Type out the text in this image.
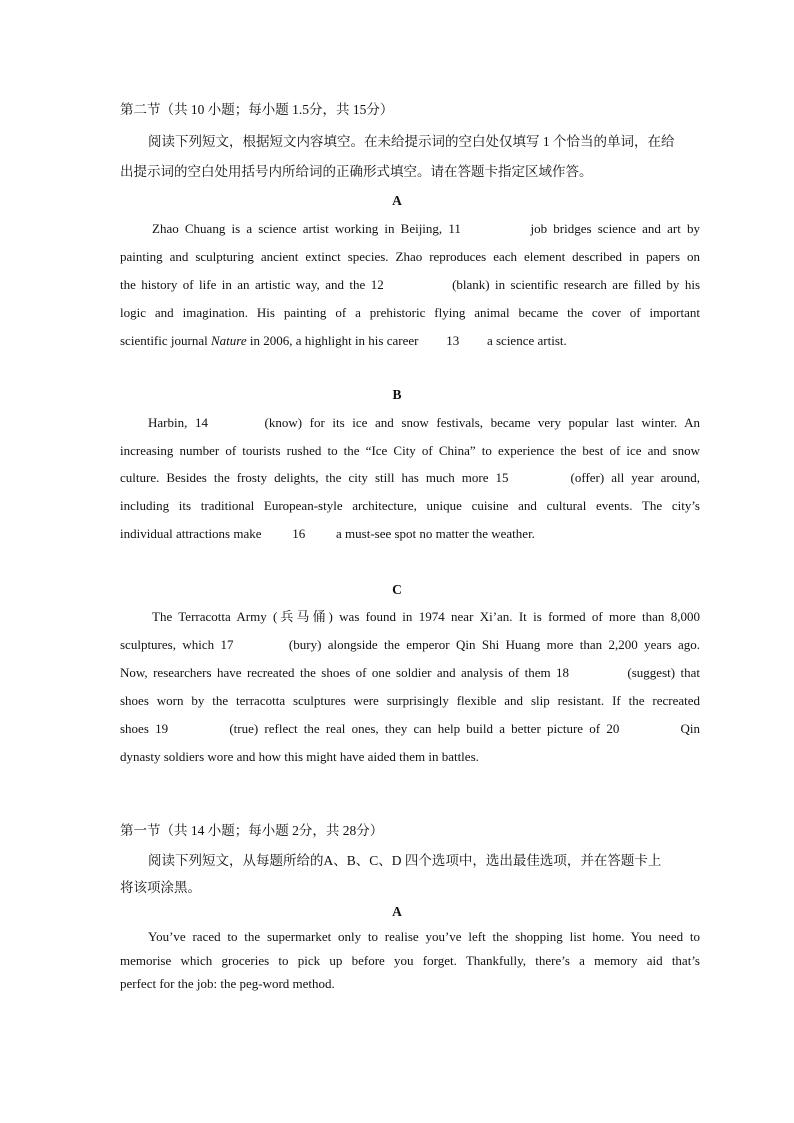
第二节（共 10 小题；每小题 1.5分，共 15分）
阅读下列短文，根据短文内容填空。在未给提示词的空白处仅填写 1 个恰当的单词，在给
出提示词的空白处用括号内所给词的正确形式填空。请在答题卡指定区域作答。
A
Zhao Chuang is a science artist working in Beijing, 11	job bridges science and art by
painting and sculpturing ancient extinct species. Zhao reproduces each element described in papers on
the history of life in an artistic way, and the 12	(blank) in scientific research are filled by his
logic and imagination. His painting of a prehistoric flying animal became the cover of important
scientific journal Nature in 2006, a highlight in his career 13 a science artist.
B
Harbin, 14	(know) for its ice and snow festivals, became very popular last winter. An
increasing number of tourists rushed to the “Ice City of China” to experience the best of ice and snow
culture. Besides the frosty delights, the city still has much more 15	(offer) all year around,
including its traditional European-style architecture, unique cuisine and cultural events. The city’s
individual attractions make 16 a must-see spot no matter the weather.
C
The Terracotta Army (兵马俑) was found in 1974 near Xi’an. It is formed of more than 8,000
sculptures, which 17	(bury) alongside the emperor Qin Shi Huang more than 2,200 years ago.
Now, researchers have recreated the shoes of one soldier and analysis of them 18	(suggest) that
shoes worn by the terracotta sculptures were surprisingly flexible and slip resistant. If the recreated
shoes 19	(true) reflect the real ones, they can help build a better picture of 20	Qin
dynasty soldiers wore and how this might have aided them in battles.
第一节（共 14 小题；每小题 2分，共 28分）
阅读下列短文，从每题所给的A、B、C、D 四个选项中，选出最佳选项，并在答题卡上
将该项涂黑。
A
You’ve raced to the supermarket only to realise you’ve left the shopping list home. You need to
memorise which groceries to pick up before you forget. Thankfully, there’s a memory aid that’s
perfect for the job: the peg-word method.
